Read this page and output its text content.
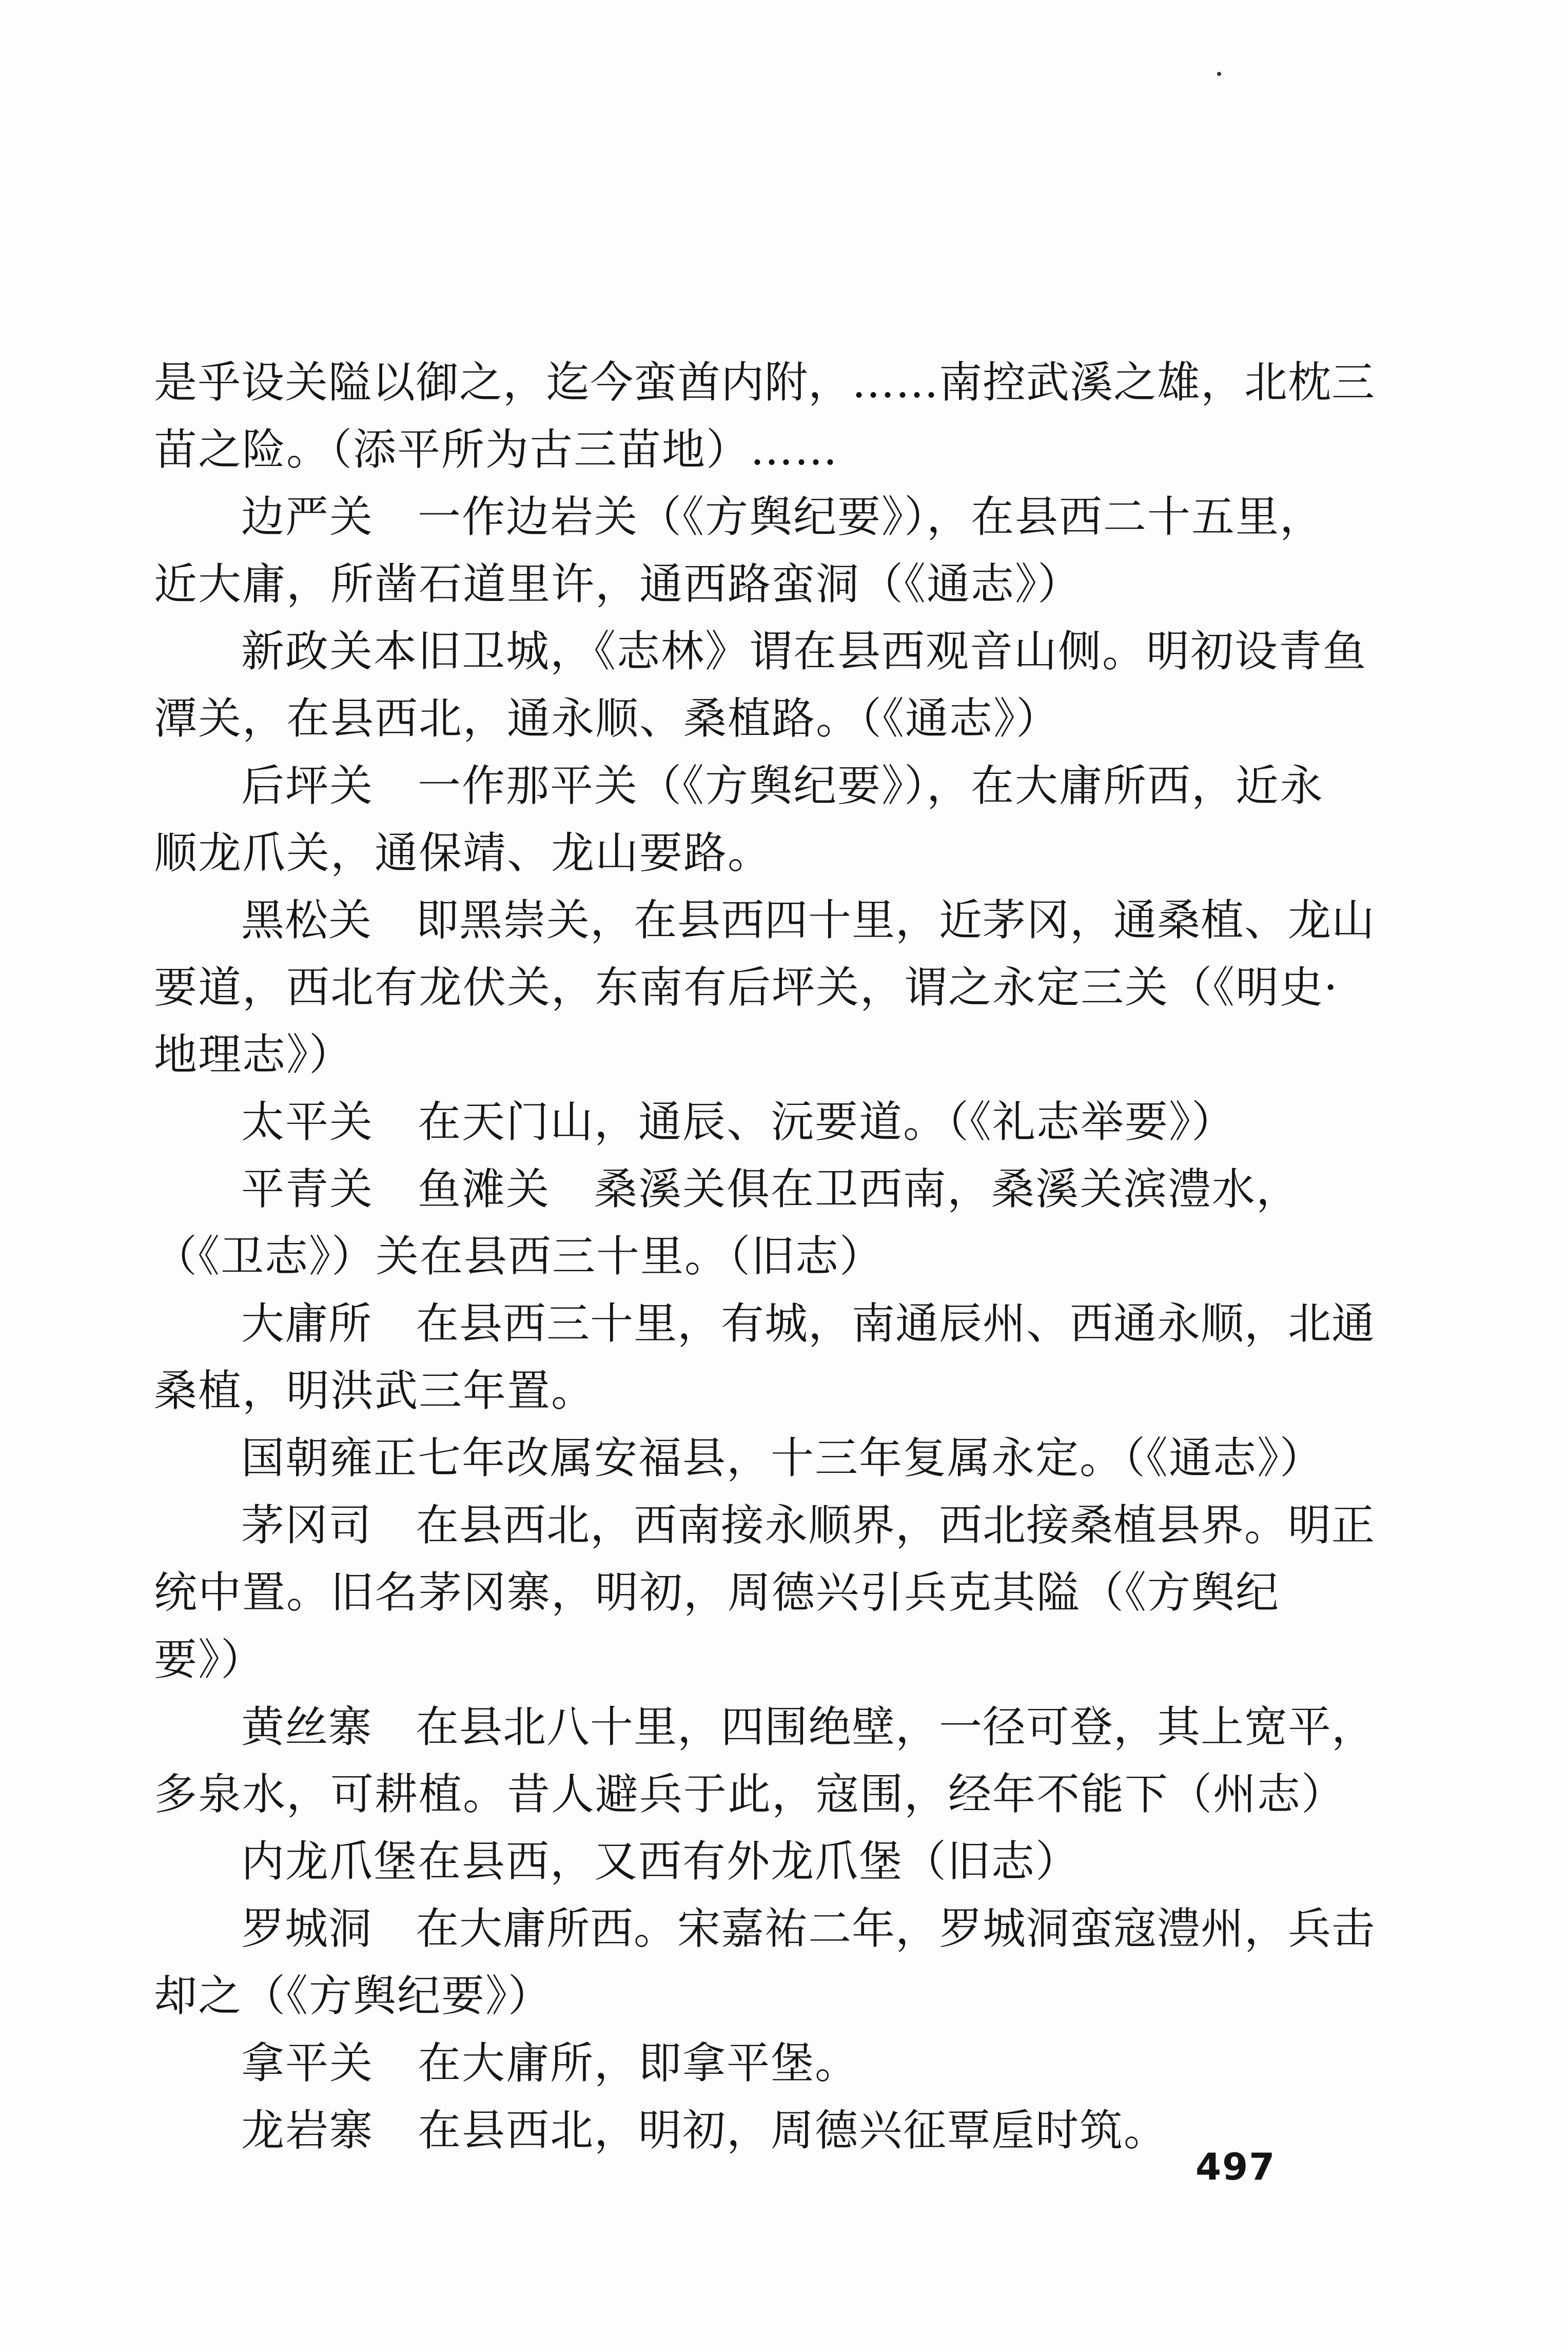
是乎设关隘以御之，迄今蛮酋内附，……南控武溪之雄，北枕三
苗之险。（添平所为古三苗地）……
边严关　一作边岩关（《方舆纪要》），在县西二十五里，
近大庸，所凿石道里许，通西路蛮洞（《通志》）
新政关本旧卫城，《志林》谓在县西观音山侧。明初设青鱼
潭关，在县西北，通永顺、桑植路。（《通志》）
后坪关　一作那平关（《方舆纪要》），在大庸所西，近永
顺龙爪关，通保靖、龙山要路。
黑松关　即黑崇关，在县西四十里，近茅冈，通桑植、龙山
要道，西北有龙伏关，东南有后坪关，谓之永定三关（《明史·
地理志》）
太平关　在天门山，通辰、沅要道。（《礼志举要》）
平青关　鱼滩关　桑溪关俱在卫西南，桑溪关滨澧水，
（《卫志》）关在县西三十里。（旧志）
大庸所　在县西三十里，有城，南通辰州、西通永顺，北通
桑植，明洪武三年置。
国朝雍正七年改属安福县，十三年复属永定。（《通志》）
茅冈司　在县西北，西南接永顺界，西北接桑植县界。明正
统中置。旧名茅冈寨，明初，周德兴引兵克其隘（《方舆纪
要》）
黄丝寨　在县北八十里，四围绝壁，一径可登，其上宽平，
多泉水，可耕植。昔人避兵于此，寇围，经年不能下（州志）
内龙爪堡在县西，又西有外龙爪堡（旧志）
罗城洞　在大庸所西。宋嘉祐二年，罗城洞蛮寇澧州，兵击
却之（《方舆纪要》）
拿平关　在大庸所，即拿平堡。
龙岩寨　在县西北，明初，周德兴征覃垕时筑。
497
